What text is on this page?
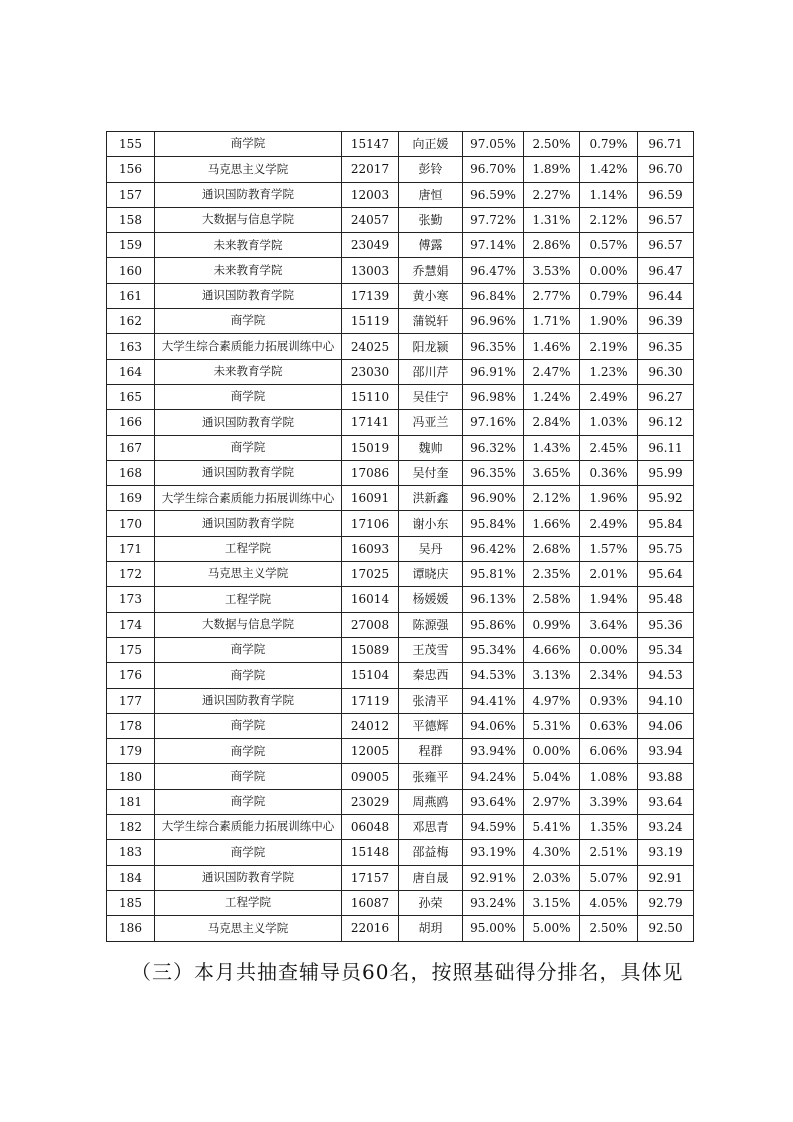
155	商学院	15147	向正媛	97.05%	2.50%	0.79%	96.71
156	马克思主义学院	22017	彭铃	96.70%	1.89%	1.42%	96.70
157	通识国防教育学院	12003	唐恒	96.59%	2.27%	1.14%	96.59
158	大数据与信息学院	24057	张勤	97.72%	1.31%	2.12%	96.57
159	未来教育学院	23049	傅露	97.14%	2.86%	0.57%	96.57
160	未来教育学院	13003	乔慧娟	96.47%	3.53%	0.00%	96.47
161	通识国防教育学院	17139	黄小寒	96.84%	2.77%	0.79%	96.44
162	商学院	15119	蒲锐轩	96.96%	1.71%	1.90%	96.39
163	大学生综合素质能力拓展训练中心	24025	阳龙颍	96.35%	1.46%	2.19%	96.35
164	未来教育学院	23030	邵川芹	96.91%	2.47%	1.23%	96.30
165	商学院	15110	吴佳宁	96.98%	1.24%	2.49%	96.27
166	通识国防教育学院	17141	冯亚兰	97.16%	2.84%	1.03%	96.12
167	商学院	15019	魏帅	96.32%	1.43%	2.45%	96.11
168	通识国防教育学院	17086	吴付奎	96.35%	3.65%	0.36%	95.99
169	大学生综合素质能力拓展训练中心	16091	洪新鑫	96.90%	2.12%	1.96%	95.92
170	通识国防教育学院	17106	谢小东	95.84%	1.66%	2.49%	95.84
171	工程学院	16093	吴丹	96.42%	2.68%	1.57%	95.75
172	马克思主义学院	17025	谭晓庆	95.81%	2.35%	2.01%	95.64
173	工程学院	16014	杨媛媛	96.13%	2.58%	1.94%	95.48
174	大数据与信息学院	27008	陈源强	95.86%	0.99%	3.64%	95.36
175	商学院	15089	王茂雪	95.34%	4.66%	0.00%	95.34
176	商学院	15104	秦忠西	94.53%	3.13%	2.34%	94.53
177	通识国防教育学院	17119	张清平	94.41%	4.97%	0.93%	94.10
178	商学院	24012	平德辉	94.06%	5.31%	0.63%	94.06
179	商学院	12005	程群	93.94%	0.00%	6.06%	93.94
180	商学院	09005	张雍平	94.24%	5.04%	1.08%	93.88
181	商学院	23029	周燕鸥	93.64%	2.97%	3.39%	93.64
182	大学生综合素质能力拓展训练中心	06048	邓思青	94.59%	5.41%	1.35%	93.24
183	商学院	15148	邵益梅	93.19%	4.30%	2.51%	93.19
184	通识国防教育学院	17157	唐自晟	92.91%	2.03%	5.07%	92.91
185	工程学院	16087	孙荣	93.24%	3.15%	4.05%	92.79
186	马克思主义学院	22016	胡玥	95.00%	5.00%	2.50%	92.50
（三）本月共抽查辅导员60名，按照基础得分排名，具体见
